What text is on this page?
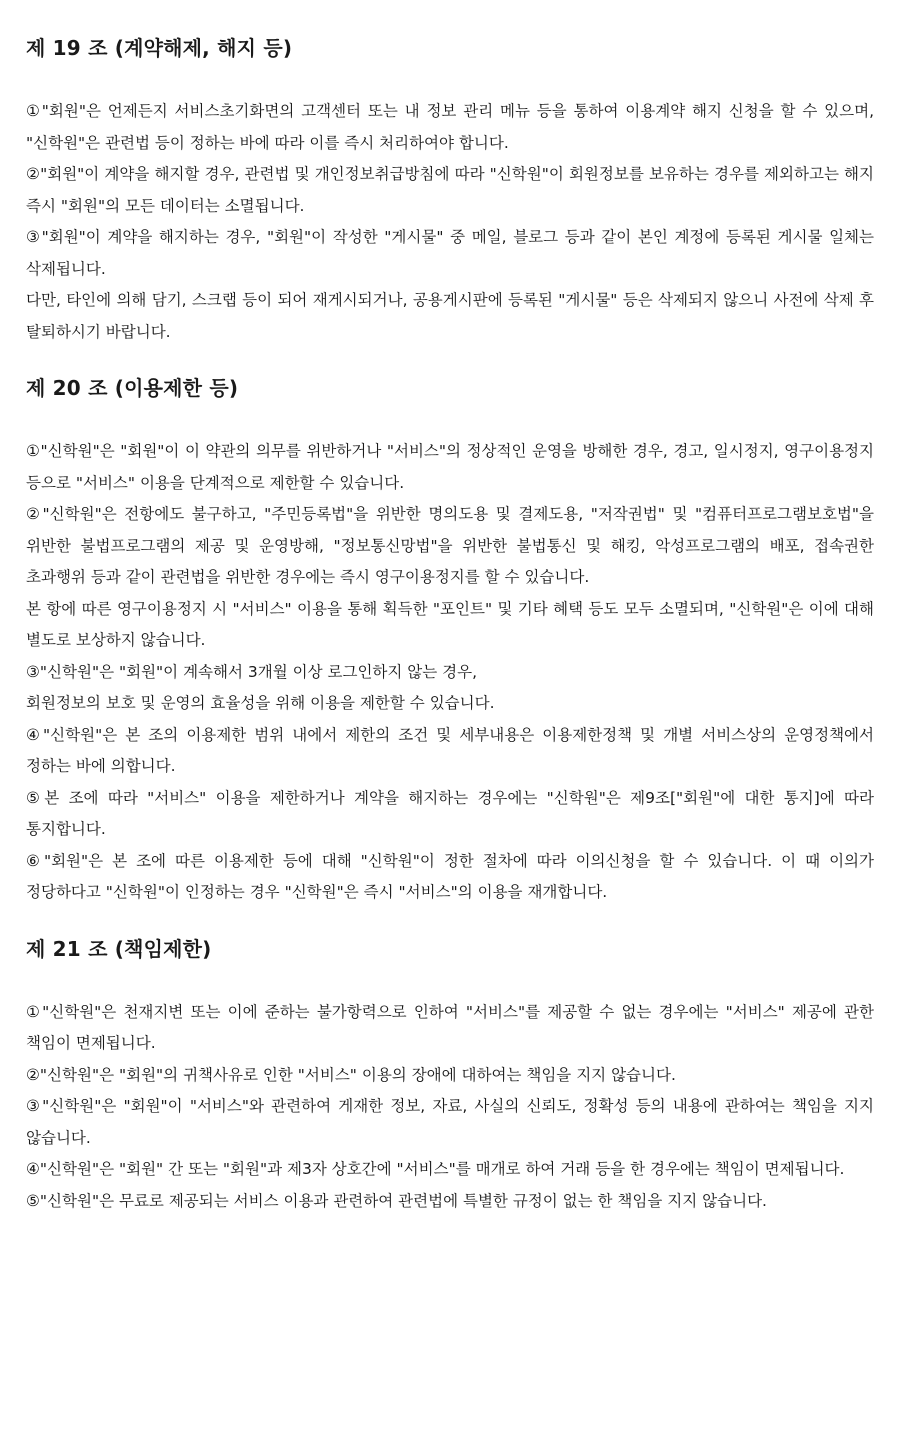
제 19 조 (계약해제, 해지 등)

①"회원"은 언제든지 서비스초기화면의 고객센터 또는 내 정보 관리 메뉴 등을 통하여 이용계약 해지 신청을 할 수 있으며, "신학원"은 관련법 등이 정하는 바에 따라 이를 즉시 처리하여야 합니다.

②"회원"이 계약을 해지할 경우, 관련법 및 개인정보취급방침에 따라 "신학원"이 회원정보를 보유하는 경우를 제외하고는 해지 즉시 "회원"의 모든 데이터는 소멸됩니다.

③"회원"이 계약을 해지하는 경우, "회원"이 작성한 "게시물" 중 메일, 블로그 등과 같이 본인 계정에 등록된 게시물 일체는 삭제됩니다.

다만, 타인에 의해 담기, 스크랩 등이 되어 재게시되거나, 공용게시판에 등록된 "게시물" 등은 삭제되지 않으니 사전에 삭제 후 탈퇴하시기 바랍니다.

제 20 조 (이용제한 등)

①"신학원"은 "회원"이 이 약관의 의무를 위반하거나 "서비스"의 정상적인 운영을 방해한 경우, 경고, 일시정지, 영구이용정지 등으로 "서비스" 이용을 단계적으로 제한할 수 있습니다.

②"신학원"은 전항에도 불구하고, "주민등록법"을 위반한 명의도용 및 결제도용, "저작권법" 및 "컴퓨터프로그램보호법"을 위반한 불법프로그램의 제공 및 운영방해, "정보통신망법"을 위반한 불법통신 및 해킹, 악성프로그램의 배포, 접속권한 초과행위 등과 같이 관련법을 위반한 경우에는 즉시 영구이용정지를 할 수 있습니다.

본 항에 따른 영구이용정지 시 "서비스" 이용을 통해 획득한 "포인트" 및 기타 혜택 등도 모두 소멸되며, "신학원"은 이에 대해 별도로 보상하지 않습니다.

③"신학원"은 "회원"이 계속해서 3개월 이상 로그인하지 않는 경우,

회원정보의 보호 및 운영의 효율성을 위해 이용을 제한할 수 있습니다.

④"신학원"은 본 조의 이용제한 범위 내에서 제한의 조건 및 세부내용은 이용제한정책 및 개별 서비스상의 운영정책에서 정하는 바에 의합니다.

⑤본 조에 따라 "서비스" 이용을 제한하거나 계약을 해지하는 경우에는 "신학원"은 제9조["회원"에 대한 통지]에 따라 통지합니다.

⑥"회원"은 본 조에 따른 이용제한 등에 대해 "신학원"이 정한 절차에 따라 이의신청을 할 수 있습니다. 이 때 이의가 정당하다고 "신학원"이 인정하는 경우 "신학원"은 즉시 "서비스"의 이용을 재개합니다.

제 21 조 (책임제한)

①"신학원"은 천재지변 또는 이에 준하는 불가항력으로 인하여 "서비스"를 제공할 수 없는 경우에는 "서비스" 제공에 관한 책임이 면제됩니다.

②"신학원"은 "회원"의 귀책사유로 인한 "서비스" 이용의 장애에 대하여는 책임을 지지 않습니다.

③"신학원"은 "회원"이 "서비스"와 관련하여 게재한 정보, 자료, 사실의 신뢰도, 정확성 등의 내용에 관하여는 책임을 지지 않습니다.

④"신학원"은 "회원" 간 또는 "회원"과 제3자 상호간에 "서비스"를 매개로 하여 거래 등을 한 경우에는 책임이 면제됩니다.

⑤"신학원"은 무료로 제공되는 서비스 이용과 관련하여 관련법에 특별한 규정이 없는 한 책임을 지지 않습니다.
